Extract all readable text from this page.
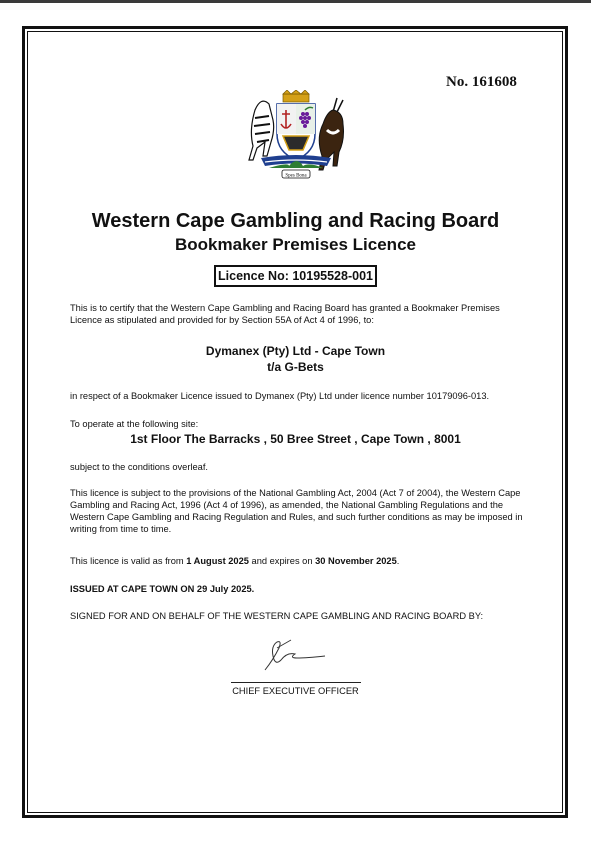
No. 161608
Spes Bona
Western Cape Gambling and Racing Board
Bookmaker Premises Licence
Licence No: 10195528-001
This is to certify that the Western Cape Gambling and Racing Board has granted a Bookmaker Premises Licence as stipulated and provided for by Section 55A of Act 4 of 1996, to:
Dymanex (Pty) Ltd - Cape Town
t/a G-Bets
in respect of a Bookmaker Licence issued to Dymanex (Pty) Ltd under licence number 10179096-013.
To operate at the following site:
1st Floor The Barracks , 50 Bree Street , Cape Town , 8001
subject to the conditions overleaf.
This licence is subject to the provisions of the National Gambling Act, 2004 (Act 7 of 2004), the Western Cape Gambling and Racing Act, 1996 (Act 4 of 1996), as amended, the National Gambling Regulations and the Western Cape Gambling and Racing Regulation and Rules, and such further conditions as may be imposed in writing from time to time.
This licence is valid as from 1 August 2025 and expires on 30 November 2025.
ISSUED AT CAPE TOWN ON 29 July 2025.
SIGNED FOR AND ON BEHALF OF THE WESTERN CAPE GAMBLING AND RACING BOARD BY:
CHIEF EXECUTIVE OFFICER
